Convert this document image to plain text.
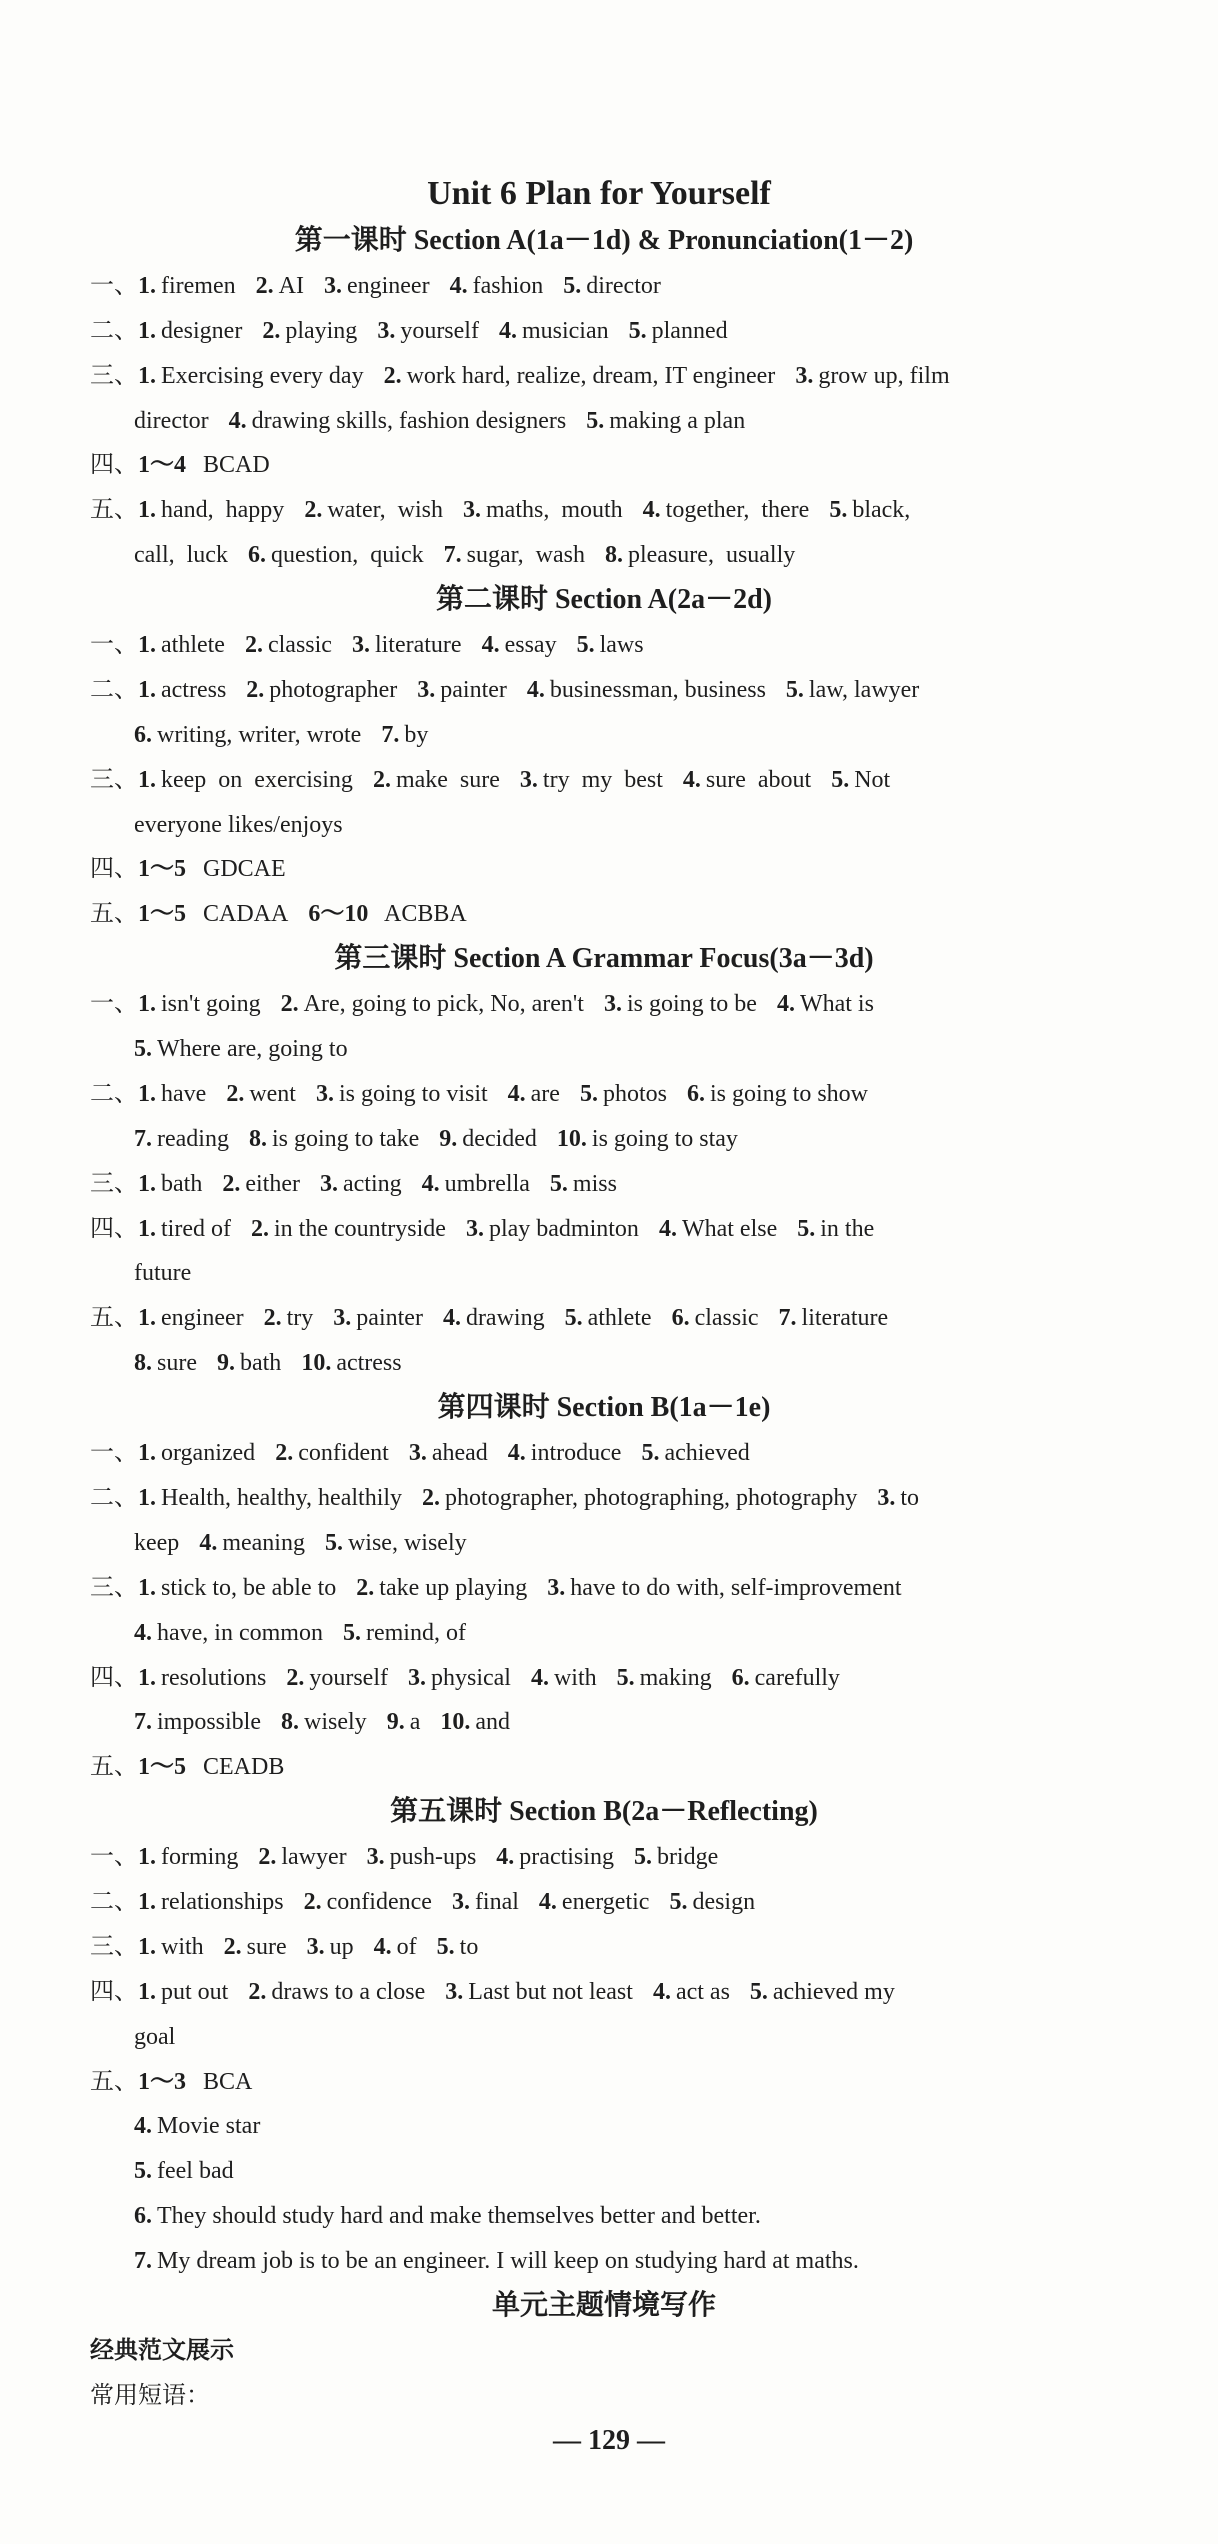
Unit 6 Plan for Yourself
第一课时 Section A(1a－1d) & Pronunciation(1－2)
一、1. firemen 2. AI 3. engineer 4. fashion 5. director
二、1. designer 2. playing 3. yourself 4. musician 5. planned
三、1. Exercising every day 2. work hard, realize, dream, IT engineer 3. grow up, film
director 4. drawing skills, fashion designers 5. making a plan
四、1～4  BCAD
五、1. hand,  happy 2. water,  wish 3. maths,  mouth 4. together,  there 5. black,
call,  luck 6. question,  quick 7. sugar,  wash 8. pleasure,  usually
第二课时 Section A(2a－2d)
一、1. athlete 2. classic 3. literature 4. essay 5. laws
二、1. actress 2. photographer 3. painter 4. businessman, business 5. law, lawyer
6. writing, writer, wrote 7. by
三、1. keep  on  exercising 2. make  sure 3. try  my  best 4. sure  about 5. Not
everyone likes/enjoys
四、1～5  GDCAE
五、1～5  CADAA 6～10  ACBBA
第三课时 Section A Grammar Focus(3a－3d)
一、1. isn't going 2. Are, going to pick, No, aren't 3. is going to be 4. What is
5. Where are, going to
二、1. have 2. went 3. is going to visit 4. are 5. photos 6. is going to show
7. reading 8. is going to take 9. decided 10. is going to stay
三、1. bath 2. either 3. acting 4. umbrella 5. miss
四、1. tired of 2. in the countryside 3. play badminton 4. What else 5. in the
future
五、1. engineer 2. try 3. painter 4. drawing 5. athlete 6. classic 7. literature
8. sure 9. bath 10. actress
第四课时 Section B(1a－1e)
一、1. organized 2. confident 3. ahead 4. introduce 5. achieved
二、1. Health, healthy, healthily 2. photographer, photographing, photography 3. to
keep 4. meaning 5. wise, wisely
三、1. stick to, be able to 2. take up playing 3. have to do with, self-improvement
4. have, in common 5. remind, of
四、1. resolutions 2. yourself 3. physical 4. with 5. making 6. carefully
7. impossible 8. wisely 9. a 10. and
五、1～5  CEADB
第五课时 Section B(2a－Reflecting)
一、1. forming 2. lawyer 3. push-ups 4. practising 5. bridge
二、1. relationships 2. confidence 3. final 4. energetic 5. design
三、1. with 2. sure 3. up 4. of 5. to
四、1. put out 2. draws to a close 3. Last but not least 4. act as 5. achieved my
goal
五、1～3  BCA
4. Movie star
5. feel bad
6. They should study hard and make themselves better and better.
7. My dream job is to be an engineer. I will keep on studying hard at maths.
单元主题情境写作
经典范文展示
常用短语：
— 129 —
